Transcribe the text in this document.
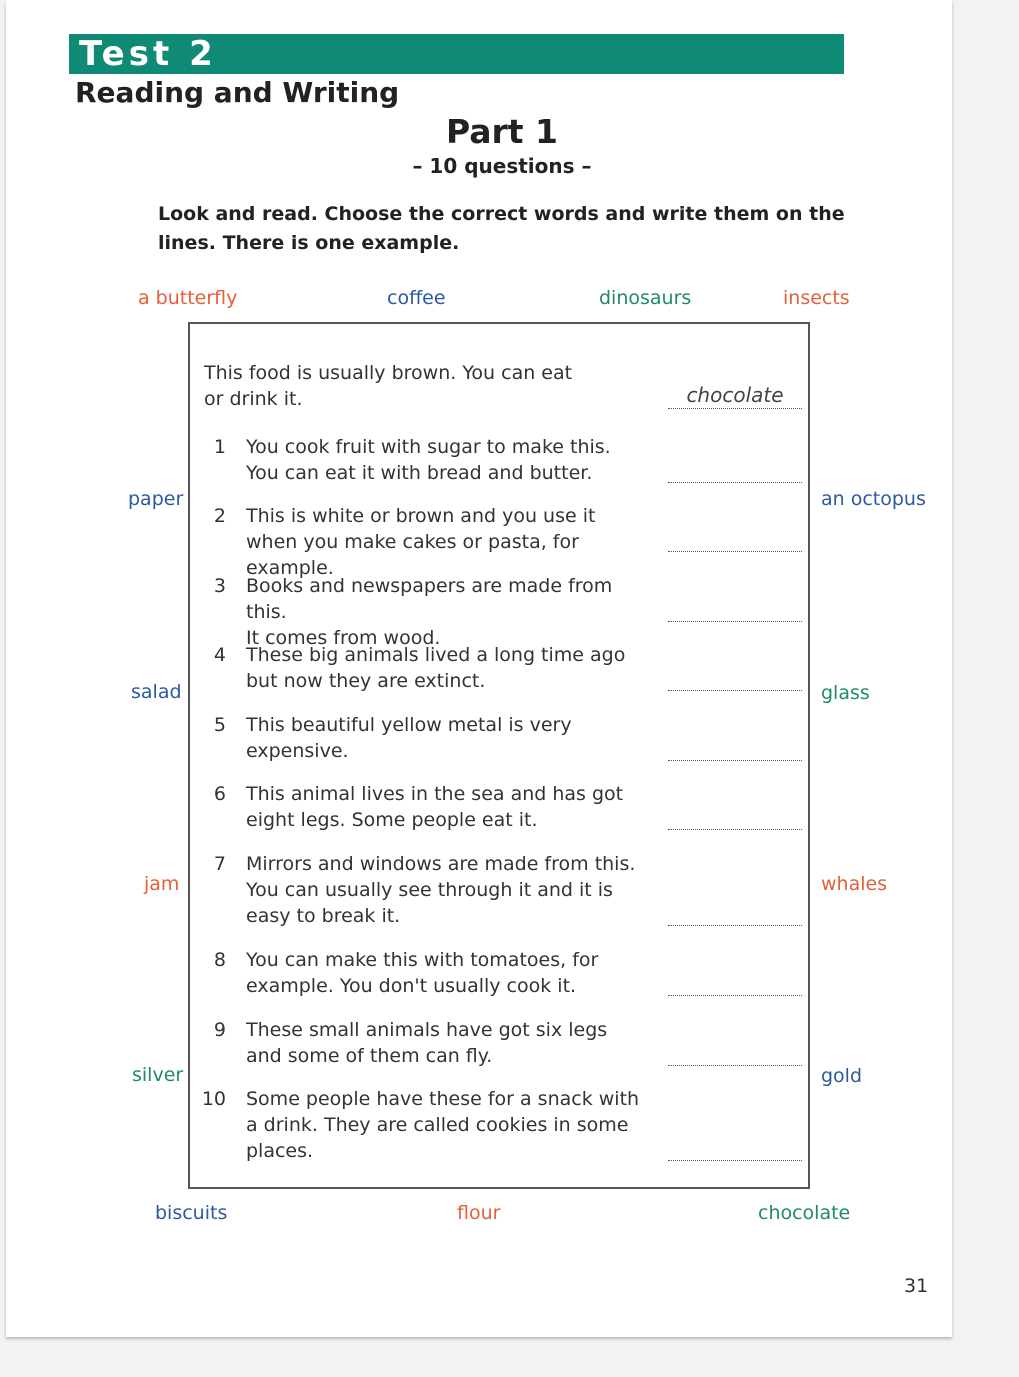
Test 2
Reading and Writing
Part 1
– 10 questions –
Look and read. Choose the correct words and write them on the lines. There is one example.
a butterfly	coffee	dinosaurs	insects
paper	an octopus
salad	glass
jam	whales
silver	gold
biscuits	flour	chocolate
This food is usually brown. You can eat
or drink it.	chocolate
1 You cook fruit with sugar to make this.
You can eat it with bread and butter.
2 This is white or brown and you use it
when you make cakes or pasta, for example.
3 Books and newspapers are made from this.
It comes from wood.
4 These big animals lived a long time ago
but now they are extinct.
5 This beautiful yellow metal is very
expensive.
6 This animal lives in the sea and has got
eight legs. Some people eat it.
7 Mirrors and windows are made from this.
You can usually see through it and it is
easy to break it.
8 You can make this with tomatoes, for
example. You don't usually cook it.
9 These small animals have got six legs
and some of them can fly.
10 Some people have these for a snack with
a drink. They are called cookies in some
places.
31
